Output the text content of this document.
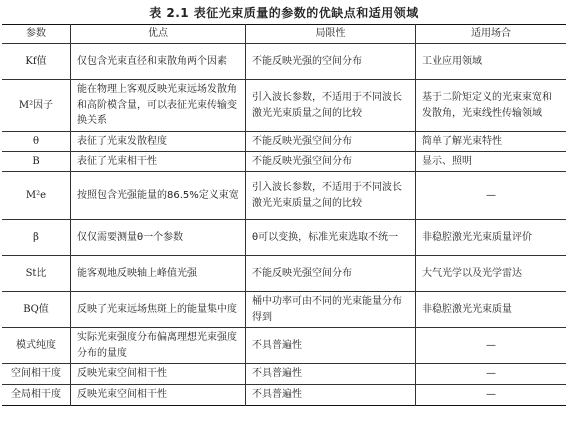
表 2.1 表征光束质量的参数的优缺点和适用领域
参数	优点	局限性	适用场合
Kf值	仅包含光束直径和束散角两个因素	不能反映光强的空间分布	工业应用领域
M²因子	能在物理上客观反映光束远场发散角和高阶模含量，可以表征光束传输变换关系	引入波长参数，不适用于不同波长激光光束质量之间的比较	基于二阶矩定义的光束束宽和发散角，光束线性传输领域
θ	表征了光束发散程度	不能反映光强空间分布	简单了解光束特性
B	表征了光束相干性	不能反映光强空间分布	显示、照明
M²e	按照包含光强能量的86.5%定义束宽	引入波长参数，不适用于不同波长激光光束质量之间的比较	—
β	仅仅需要测量θ一个参数	θ可以变换，标准光束选取不统一	非稳腔激光光束质量评价
St比	能客观地反映轴上峰值光强	不能反映光强空间分布	大气光学以及光学雷达
BQ值	反映了光束远场焦斑上的能量集中度	桶中功率可由不同的光束能量分布得到	非稳腔激光光束质量
模式纯度	实际光束强度分布偏离理想光束强度分布的量度	不具普遍性	—
空间相干度	反映光束空间相干性	不具普遍性	—
全局相干度	反映光束空间相干性	不具普遍性	—
